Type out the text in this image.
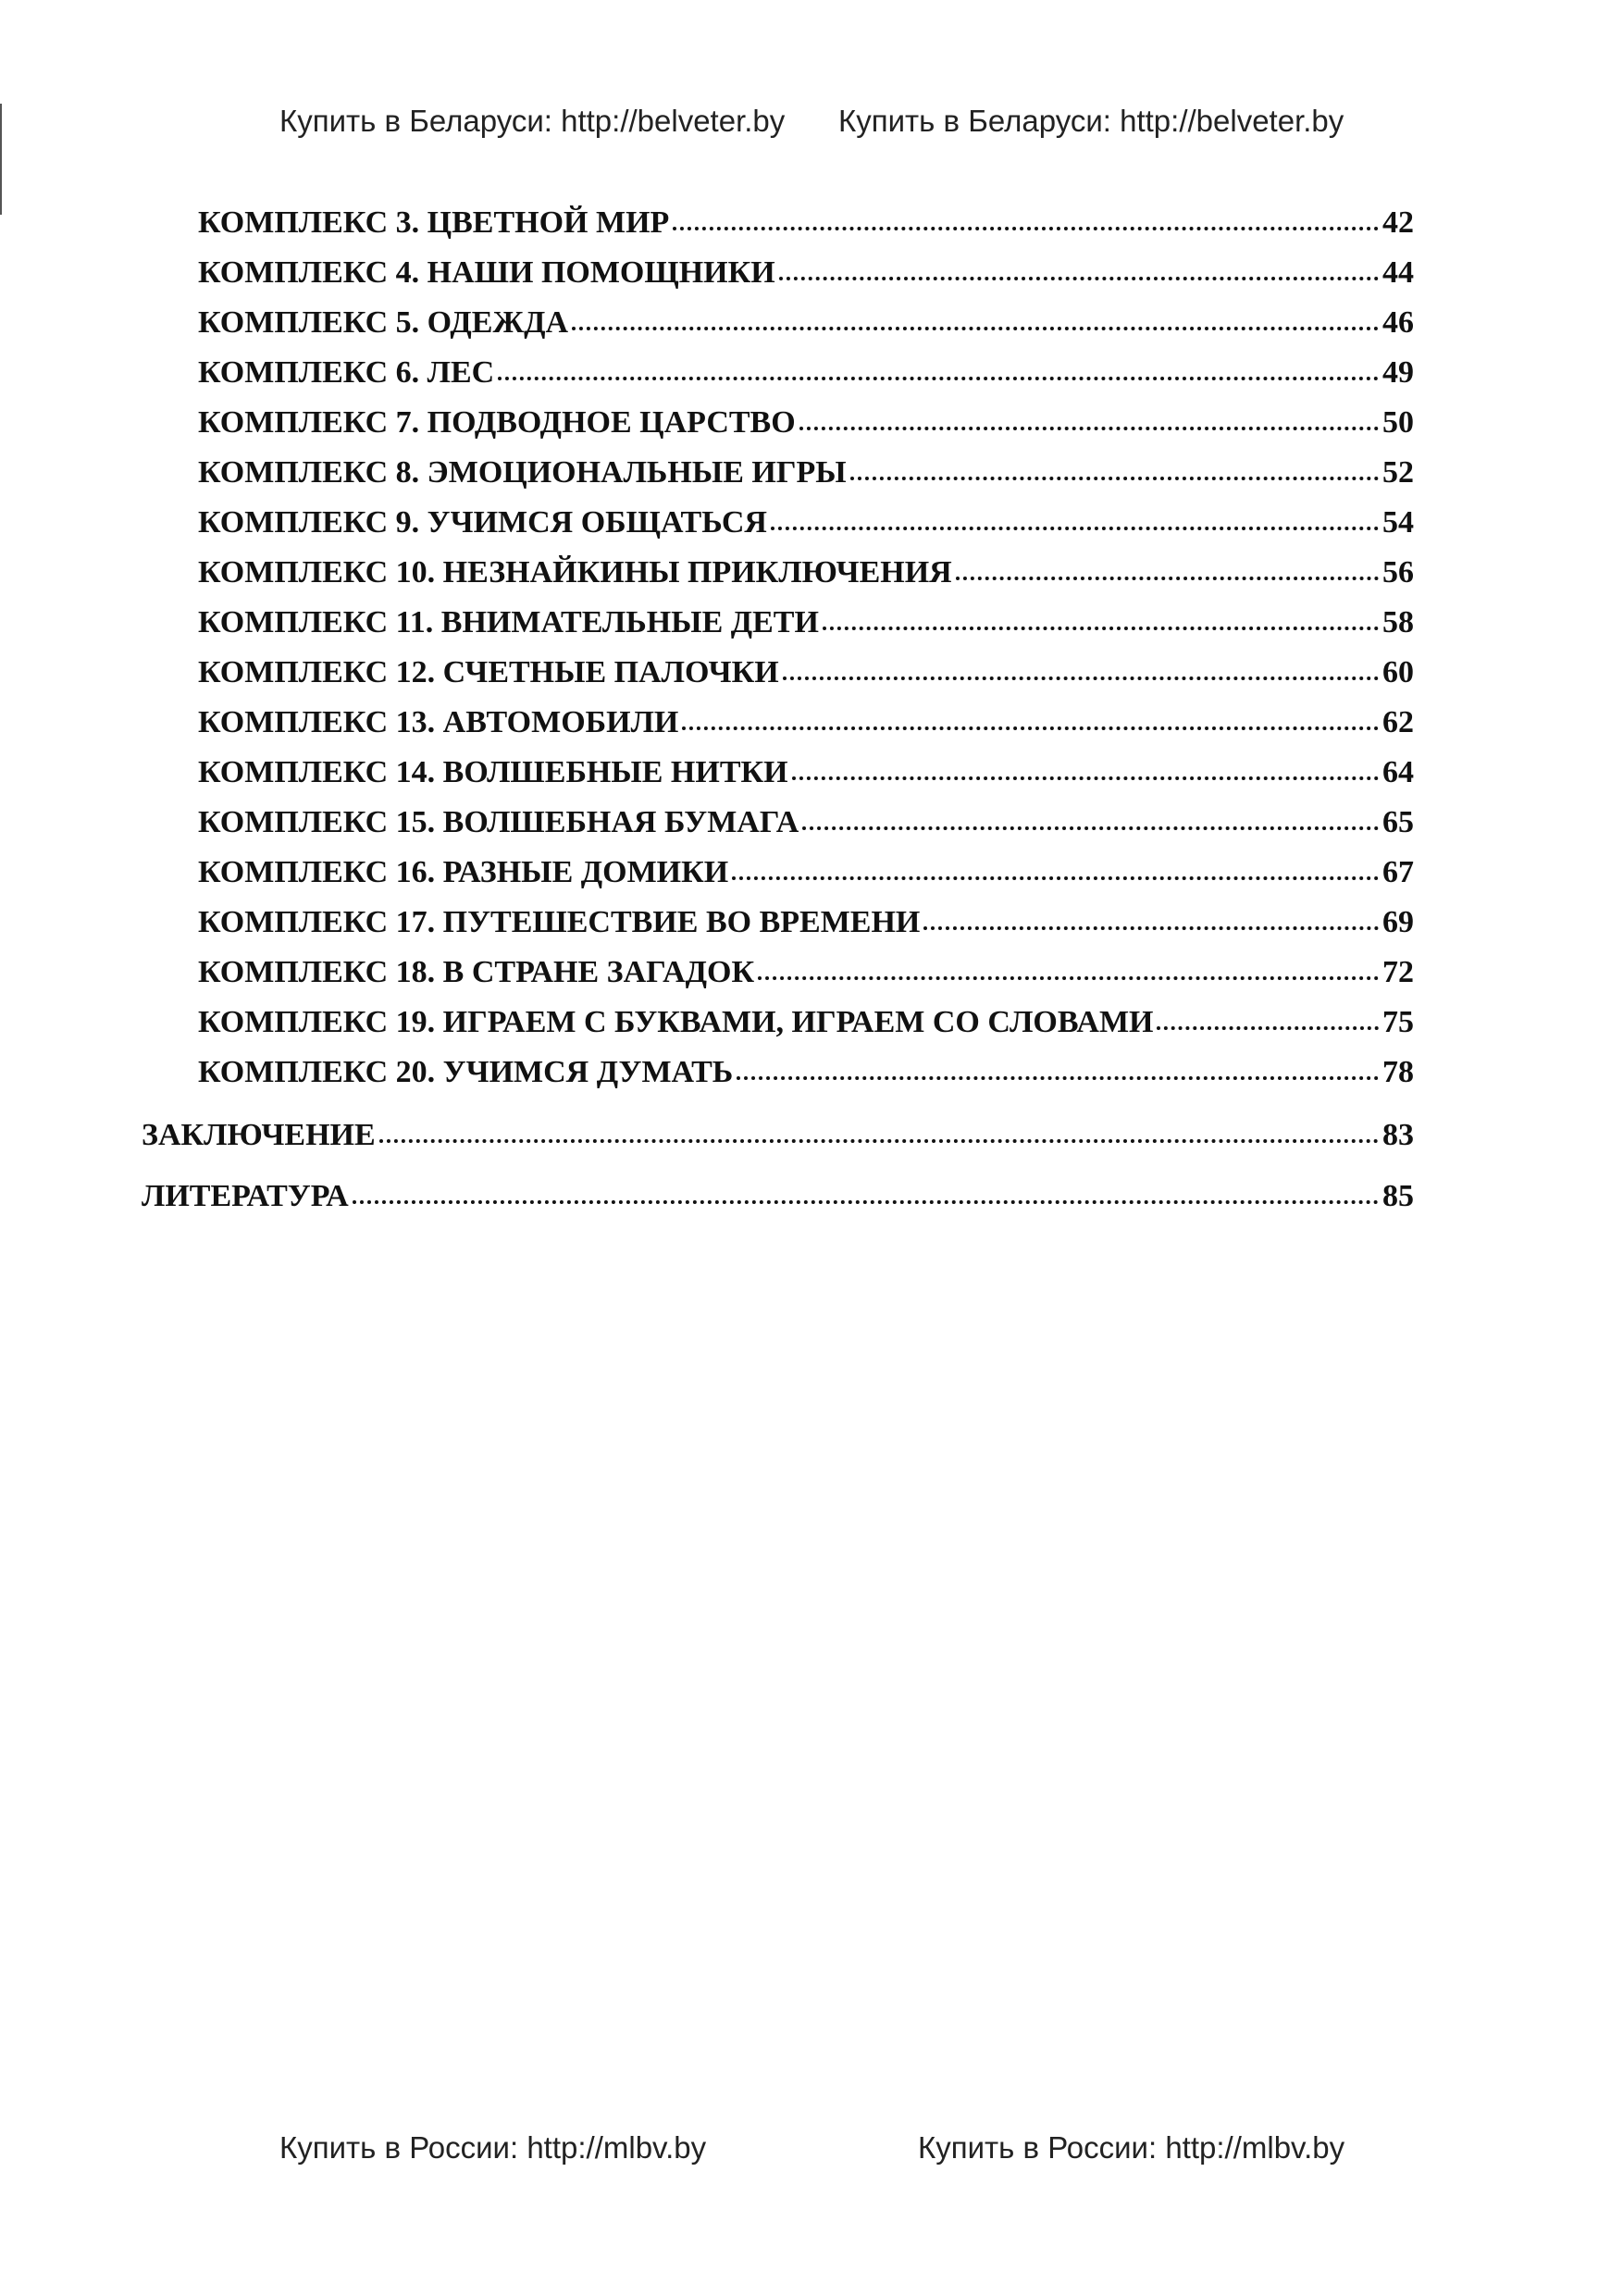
Купить в Беларуси: http://belveter.by Купить в Беларуси: http://belveter.by
КОМПЛЕКС 3. ЦВЕТНОЙ МИР	42
КОМПЛЕКС 4. НАШИ ПОМОЩНИКИ	44
КОМПЛЕКС 5. ОДЕЖДА	46
КОМПЛЕКС 6. ЛЕС	49
КОМПЛЕКС 7. ПОДВОДНОЕ ЦАРСТВО	50
КОМПЛЕКС 8. ЭМОЦИОНАЛЬНЫЕ ИГРЫ	52
КОМПЛЕКС 9. УЧИМСЯ ОБЩАТЬСЯ	54
КОМПЛЕКС 10. НЕЗНАЙКИНЫ ПРИКЛЮЧЕНИЯ	56
КОМПЛЕКС 11. ВНИМАТЕЛЬНЫЕ ДЕТИ	58
КОМПЛЕКС 12. СЧЕТНЫЕ ПАЛОЧКИ	60
КОМПЛЕКС 13. АВТОМОБИЛИ	62
КОМПЛЕКС 14. ВОЛШЕБНЫЕ НИТКИ	64
КОМПЛЕКС 15. ВОЛШЕБНАЯ БУМАГА	65
КОМПЛЕКС 16. РАЗНЫЕ ДОМИКИ	67
КОМПЛЕКС 17. ПУТЕШЕСТВИЕ ВО ВРЕМЕНИ	69
КОМПЛЕКС 18. В СТРАНЕ ЗАГАДОК	72
КОМПЛЕКС 19. ИГРАЕМ С БУКВАМИ, ИГРАЕМ СО СЛОВАМИ	75
КОМПЛЕКС 20. УЧИМСЯ ДУМАТЬ	78
ЗАКЛЮЧЕНИЕ	83
ЛИТЕРАТУРА	85
Купить в России: http://mlbv.by	Купить в России: http://mlbv.by
